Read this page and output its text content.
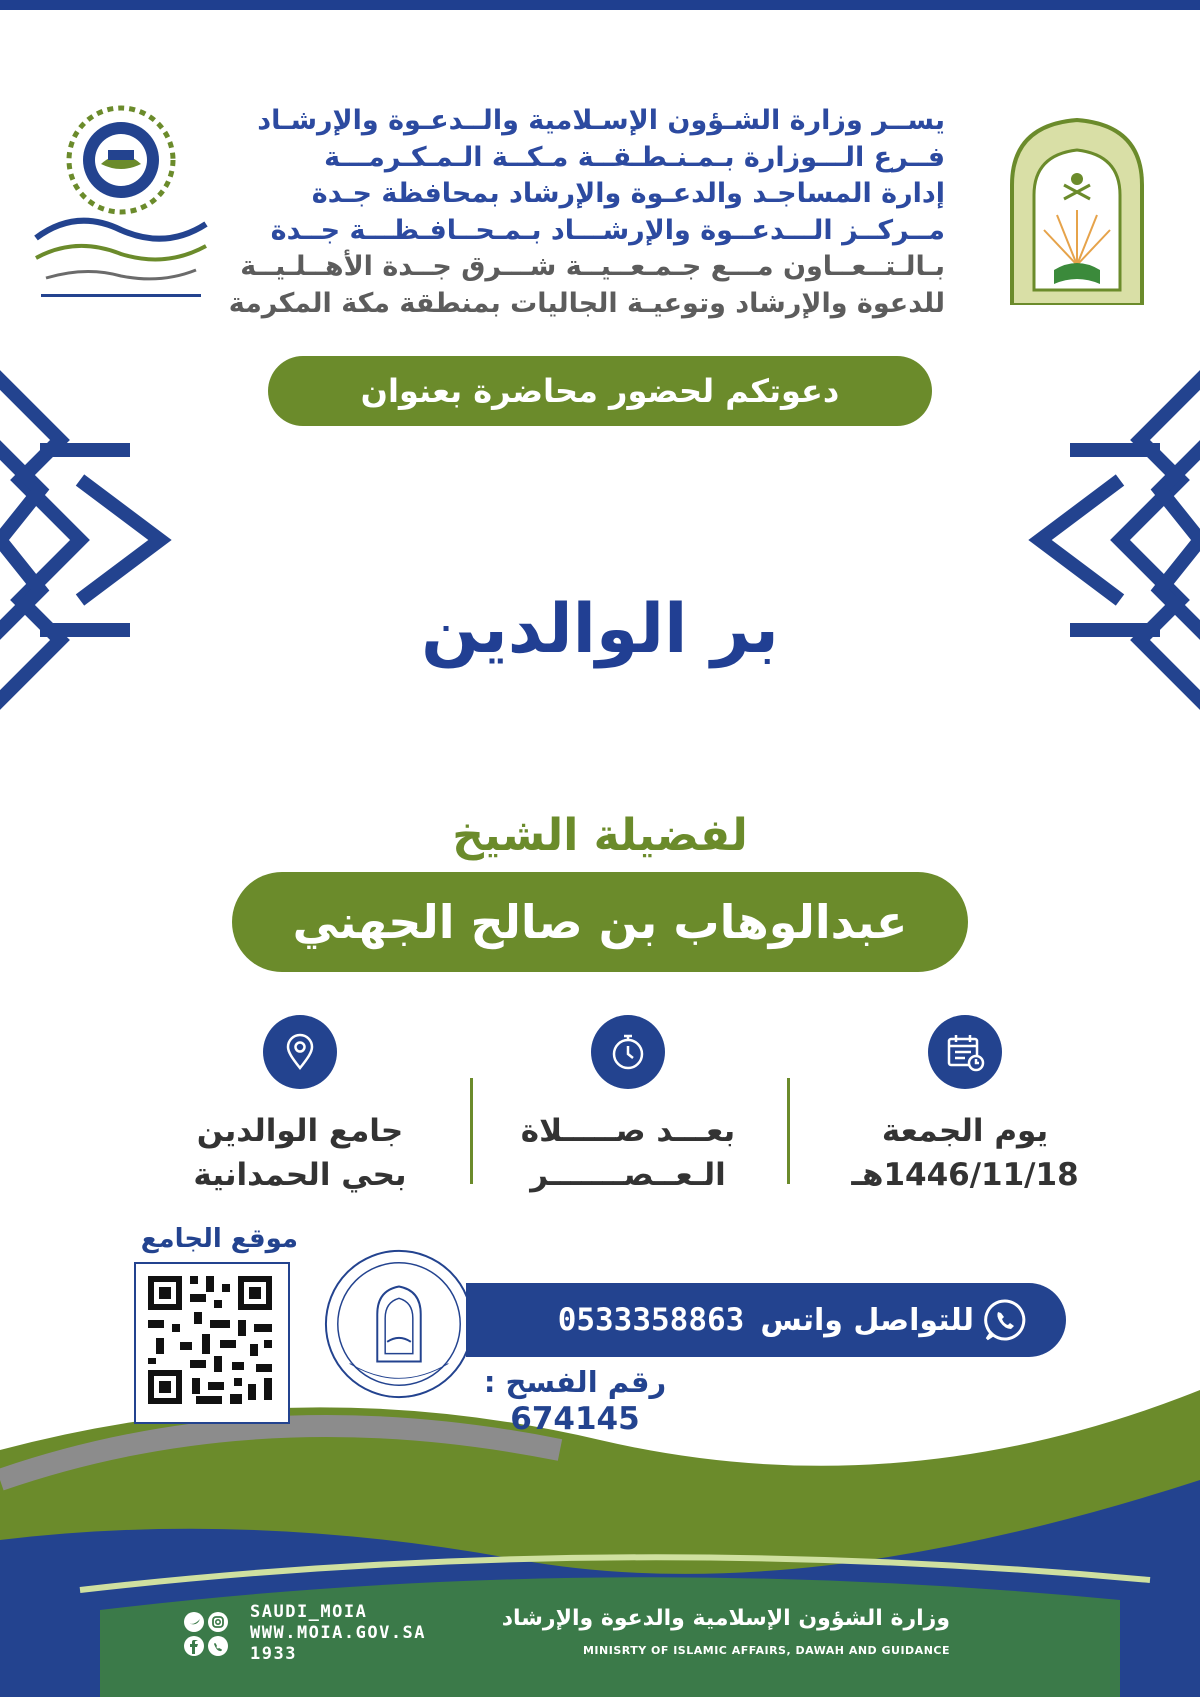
يســر وزارة الشـؤون الإسـلامية والــدعـوة والإرشـاد
فــرع الـــوزارة بـمـنـطـقــة مـكــة الـمـكـرمـــة
إدارة المساجـد والدعـوة والإرشاد بمحافظة جـدة
مــركــز الـــدعــوة والإرشـــاد بـمـحــافـظـــة جــدة
بـالـتــعــاون مـــع جـمـعــيــة شـــرق جــدة الأهــلـيــة
للدعوة والإرشاد وتوعيـة الجاليات بمنطقة مكة المكرمة
دعوتكم لحضور محاضرة بعنوان
بر الوالدين
لفضيلة الشيخ
عبدالوهاب بن صالح الجهني
يوم الجمعة
1446/11/18هـ
بعـــد صـــــلاة
الـعــصـــــــر
جامع الوالدين
بحي الحمدانية
موقع الجامع
للتواصل واتس0533358863
رقم الفسح :
674145
وزارة الشؤون الإسلامية والدعوة والإرشاد
MINISRTY OF ISLAMIC AFFAIRS, DAWAH AND GUIDANCE
SAUDI_MOIA
WWW.MOIA.GOV.SA
1933
